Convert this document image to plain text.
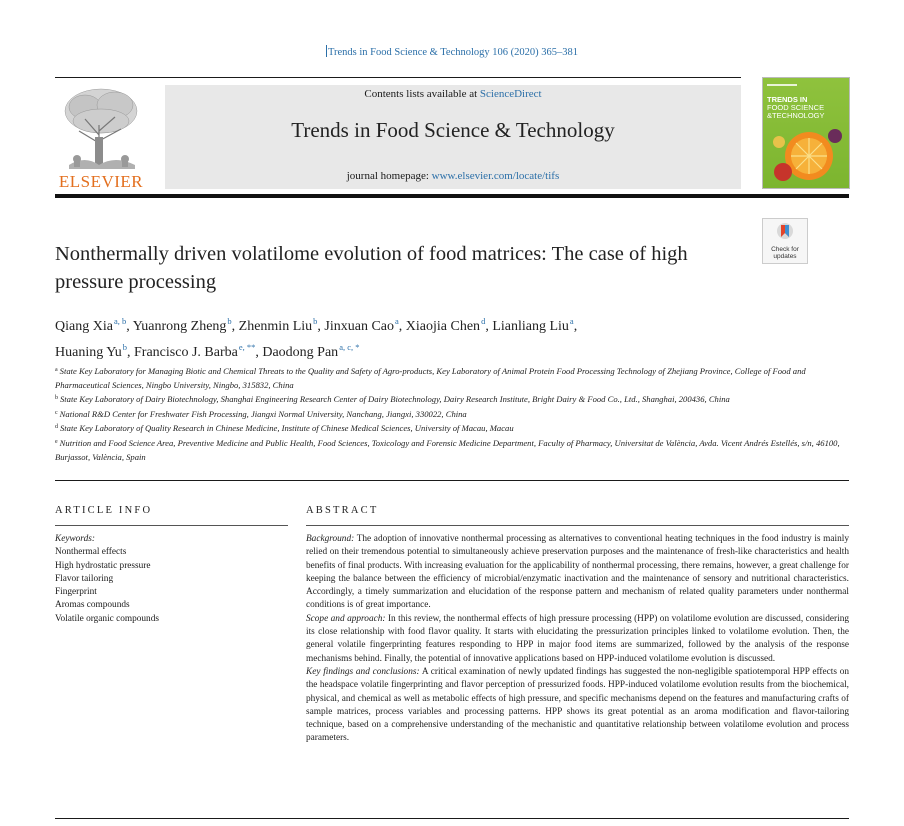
Trends in Food Science & Technology 106 (2020) 365–381
ELSEVIER
Contents lists available at ScienceDirect
Trends in Food Science & Technology
journal homepage: www.elsevier.com/locate/tifs
TRENDS IN
FOOD SCIENCE
&TECHNOLOGY
Check for
updates
Nonthermally driven volatilome evolution of food matrices: The case of high pressure processing
Qiang Xia$^{a, b}$, Yuanrong Zheng$^b$, Zhenmin Liu$^b$, Jinxuan Cao$^a$, Xiaojia Chen$^d$, Lianliang Liu$^a$,
Huaning Yu$^b$, Francisco J. Barba$^{e, **}$, Daodong Pan$^{a, c, *}$
$^a$ State Key Laboratory for Managing Biotic and Chemical Threats to the Quality and Safety of Agro-products, Key Laboratory of Animal Protein Food Processing Technology of Zhejiang Province, College of Food and Pharmaceutical Sciences, Ningbo University, Ningbo, 315832, China
$^b$ State Key Laboratory of Dairy Biotechnology, Shanghai Engineering Research Center of Dairy Biotechnology, Dairy Research Institute, Bright Dairy & Food Co., Ltd., Shanghai, 200436, China
$^c$ National R&D Center for Freshwater Fish Processing, Jiangxi Normal University, Nanchang, Jiangxi, 330022, China
$^d$ State Key Laboratory of Quality Research in Chinese Medicine, Institute of Chinese Medical Sciences, University of Macau, Macau
$^e$ Nutrition and Food Science Area, Preventive Medicine and Public Health, Food Sciences, Toxicology and Forensic Medicine Department, Faculty of Pharmacy, Universitat de València, Avda. Vicent Andrés Estellés, s/n, 46100, Burjassot, València, Spain
ARTICLE INFO	ABSTRACT
Keywords:
Nonthermal effects
High hydrostatic pressure
Flavor tailoring
Fingerprint
Aromas compounds
Volatile organic compounds

Background: The adoption of innovative nonthermal processing as alternatives to conventional heating techniques in the food industry is mainly relied on their tremendous potential to simultaneously achieve preservation purposes and the maintenance of fresh-like characteristics and health benefits of final products. With increasing evaluation for the applicability of nonthermal processing, there remains, however, a great challenge for keeping the balance between the efficiency of microbial/enzymatic inactivation and the maintenance of sensory and nutritional characteristics. Accordingly, a timely summarization and elucidation of the response pattern and mechanism of related quality parameters under nonthermal conditions is of great importance.

Scope and approach: In this review, the nonthermal effects of high pressure processing (HPP) on volatilome evolution are discussed, considering its close relationship with food flavor quality. It starts with elucidating the pressurization principles linked to volatilome evolution. Then, the general volatile fingerprinting features responding to HPP in major food items are summarized, followed by the analysis of the response mechanisms behind. Finally, the potential of innovative applications based on HPP-induced volatilome evolution is discussed.

Key findings and conclusions: A critical examination of newly updated findings has suggested the non-negligible spatiotemporal HPP effects on the headspace volatile fingerprinting and flavor perception of pressurized foods. HPP-induced volatilome evolution results from the biochemical, physical, and chemical as well as metabolic effects of high pressure, and specific mechanisms depend on the features and manufacturing crafts of sample matrices, process variables and processing patterns. HPP shows its great potential as an aroma modification and flavor-tailoring technique, based on a comprehensive understanding of the mechanistic and quantitative relationship between volatilome evolution and process parameters.
